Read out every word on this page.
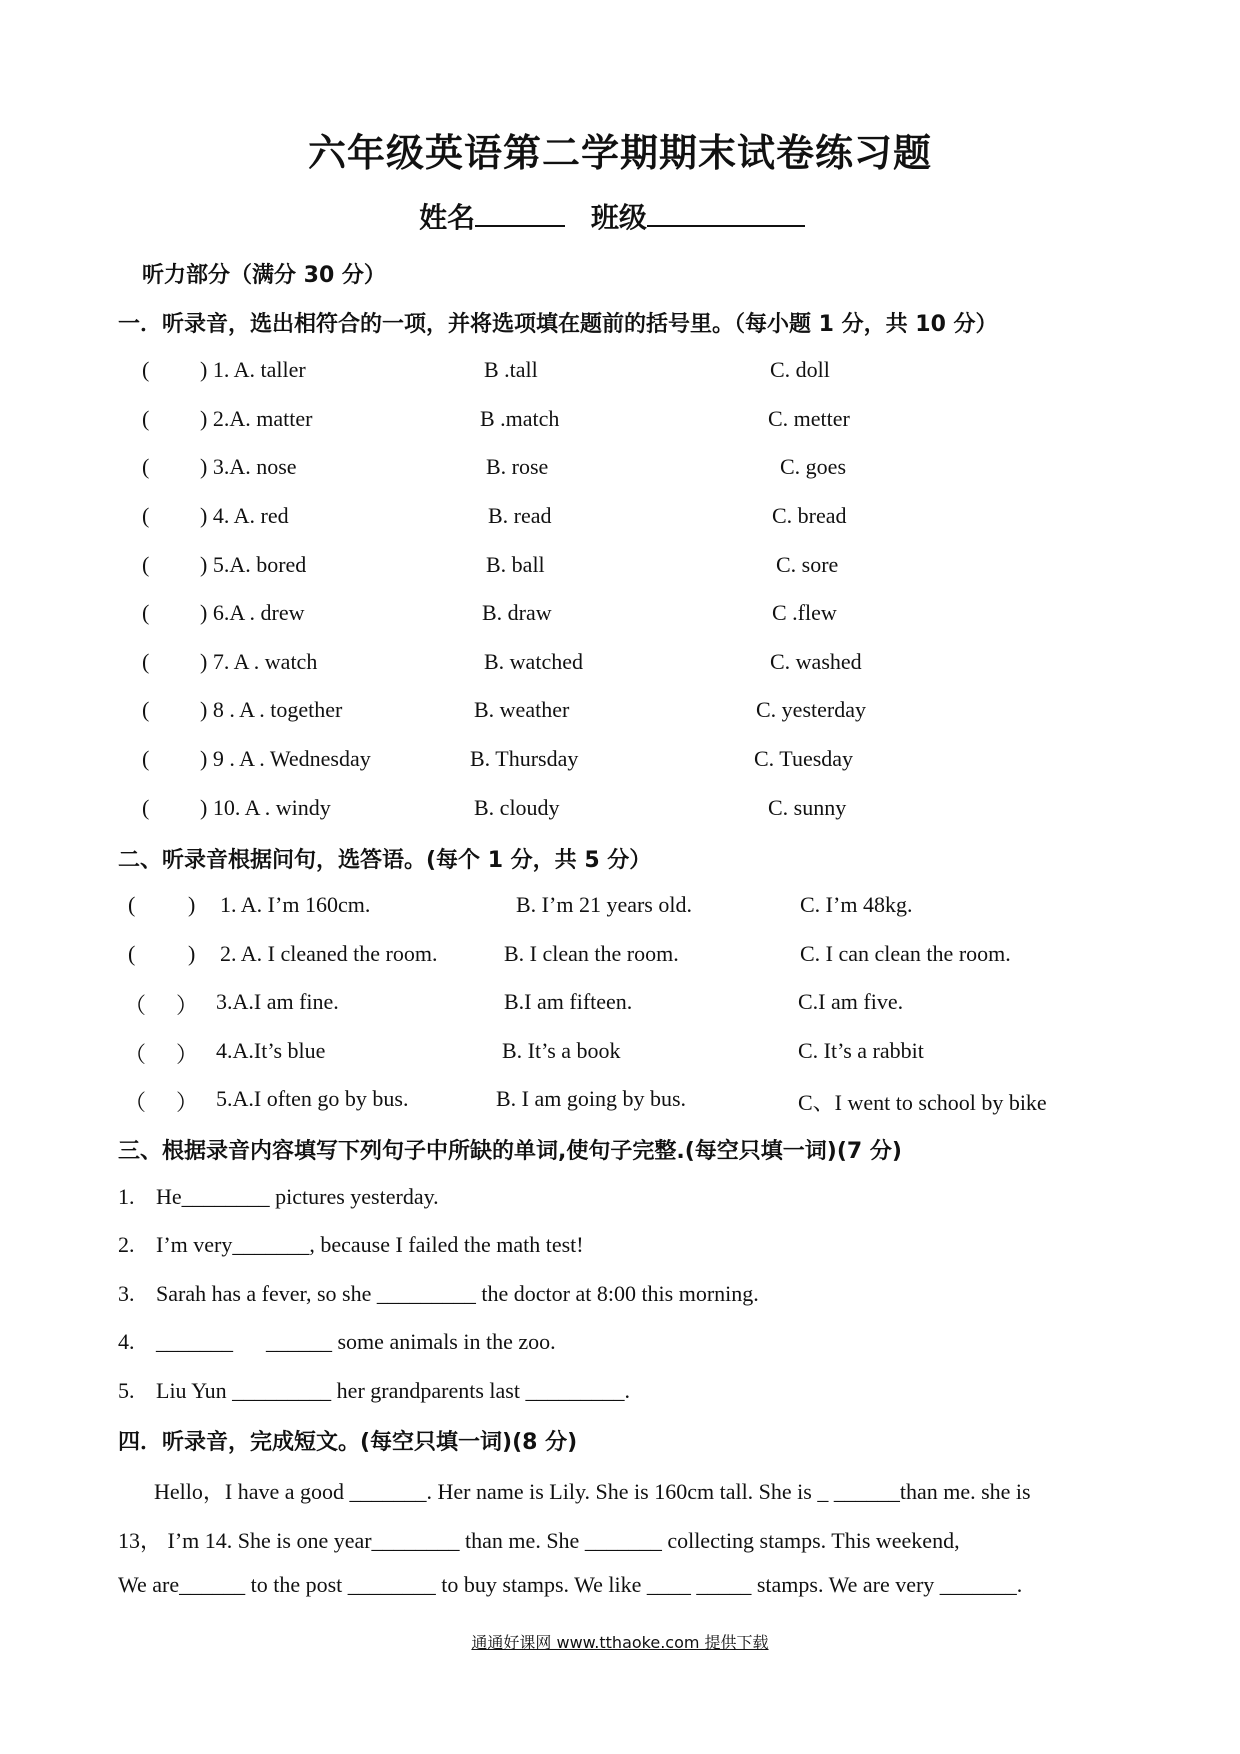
六年级英语第二学期期末试卷练习题
姓名	班级
听力部分（满分 30 分）
一．听录音，选出相符合的一项，并将选项填在题前的括号里。（每小题 1 分，共 10 分）
( ) 1. A. taller	B .tall	C. doll
( ) 2.A. matter	B .match	C. metter
( ) 3.A. nose	B. rose	C. goes
( ) 4. A. red	B. read	C. bread
( ) 5.A. bored	B. ball	C. sore
( ) 6.A . drew	B. draw	C .flew
( ) 7. A . watch	B. watched	C. washed
( ) 8 . A . together	B. weather	C. yesterday
( ) 9 . A . Wednesday	B. Thursday	C. Tuesday
( ) 10. A . windy	B. cloudy	C. sunny
二、听录音根据问句，选答语。(每个 1 分，共 5 分）
( ) 1. A. I’m 160cm.	B. I’m 21 years old.	C. I’m 48kg.
( ) 2. A. I cleaned the room.	B. I clean the room.	C. I can clean the room.
（ ） 3.A.I am fine.	B.I am fifteen.	C.I am five.
（ ） 4.A.It’s blue	B. It’s a book	C. It’s a rabbit
（ ） 5.A.I often go by bus.	B. I am going by bus.	C、I went to school by bike
三、根据录音内容填写下列句子中所缺的单词,使句子完整.(每空只填一词)(7 分)
1. He________ pictures yesterday.
2. I’m very_______, because I failed the math test!
3. Sarah has a fever, so she _________ the doctor at 8:00 this morning.
4. _______      ______ some animals in the zoo.
5. Liu Yun _________ her grandparents last _________.
四．听录音，完成短文。(每空只填一词)(8 分)
Hello，I have a good _______. Her name is Lily. She is 160cm tall. She is _ ______than me. she is
13， I’m 14. She is one year________ than me. She _______ collecting stamps. This weekend,
We are______ to the post ________ to buy stamps. We like ____ _____ stamps. We are very _______.
通通好课网 www.tthaoke.com 提供下载
